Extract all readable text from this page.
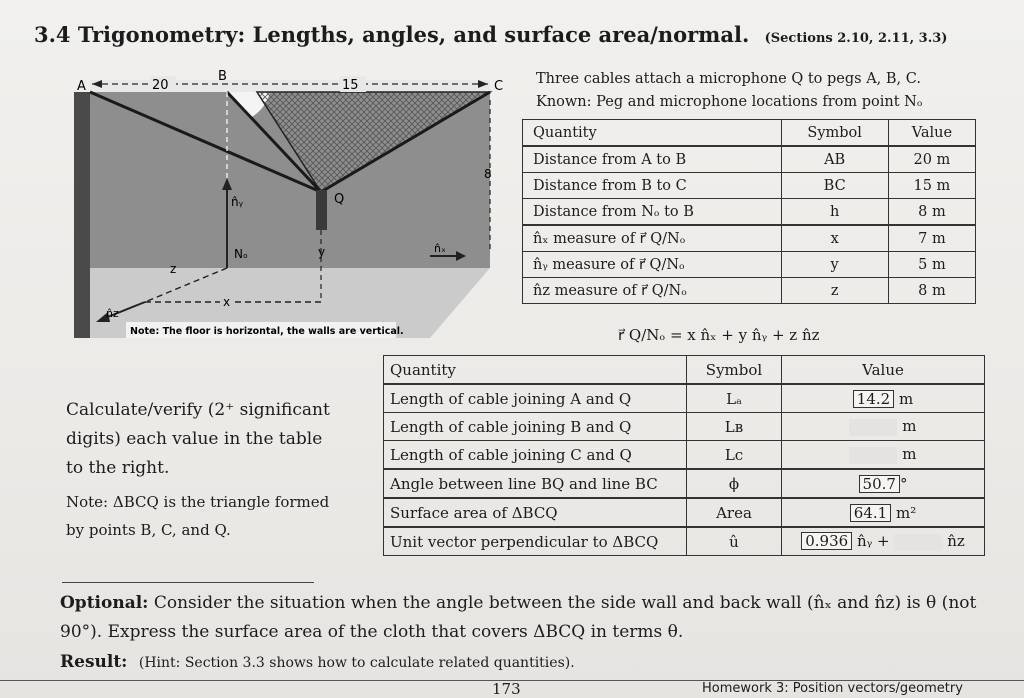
3.4 Trigonometry: Lengths, angles, and surface area/normal. (Sections 2.10, 2.11, 3.3)
20	15
A
B
C
Q
8
Nₒ
n̂ᵧ
z
x
y
n̂z
n̂ₓ
Note: The floor is horizontal, the walls are vertical.
Three cables attach a microphone Q to pegs A, B, C.
Known: Peg and microphone locations from point Nₒ
Quantity	Symbol	Value
Distance from A to B	AB	20 m
Distance from B to C	BC	15 m
Distance from Nₒ to B	h	8 m
n̂ₓ measure of r⃗ Q/Nₒ	x	7 m
n̂ᵧ measure of r⃗ Q/Nₒ	y	5 m
n̂z measure of r⃗ Q/Nₒ	z	8 m
r⃗ Q/Nₒ = x n̂ₓ + y n̂ᵧ + z n̂z
Quantity	Symbol	Value
Length of cable joining A and Q	Lₐ	14.2 m
Length of cable joining B and Q	Lʙ	m
Length of cable joining C and Q	Lc	m
Angle between line BQ and line BC	ϕ	50.7 °
Surface area of ΔBCQ	Area	64.1 m²
Unit vector perpendicular to ΔBCQ	û	0.936 n̂ᵧ + n̂z
Calculate/verify (2⁺ significant digits) each value in the table to the right.
Note: ΔBCQ is the triangle formed by points B, C, and Q.
Optional: Consider the situation when the angle between the side wall and back wall (n̂ₓ and n̂z) is θ (not 90°). Express the surface area of the cloth that covers ΔBCQ in terms θ.
Result: (Hint: Section 3.3 shows how to calculate related quantities).
173	Homework 3: Position vectors/geometry
